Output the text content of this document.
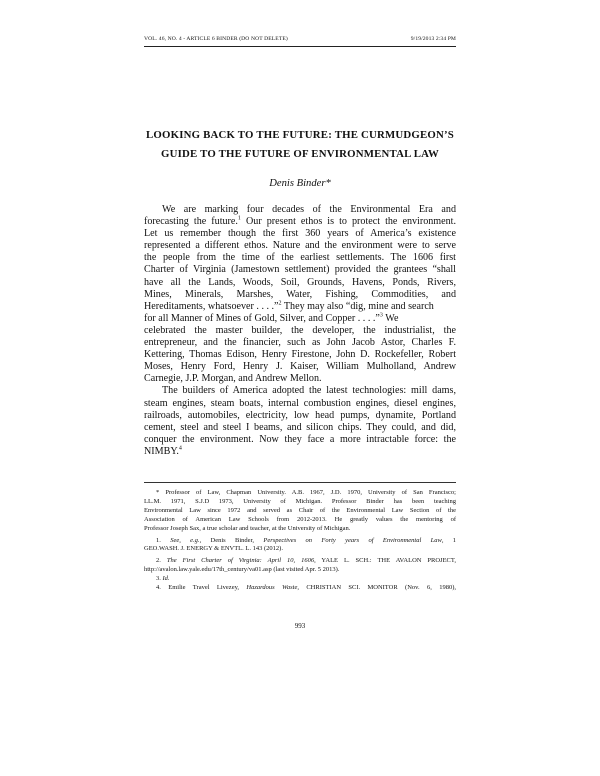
VOL. 46, NO. 4 - ARTICLE 6 BINDER (DO NOT DELETE)	9/19/2013 2:34 PM
LOOKING BACK TO THE FUTURE: THE CURMUDGEON’S
GUIDE TO THE FUTURE OF ENVIRONMENTAL LAW
Denis Binder*
We are marking four decades of the Environmental Era and
forecasting the future.$^1$ Our present ethos is to protect the environment.
Let us remember though the first 360 years of America’s existence
represented a different ethos. Nature and the environment were to serve
the people from the time of the earliest settlements. The 1606 first
Charter of Virginia (Jamestown settlement) provided the grantees “shall
have all the Lands, Woods, Soil, Grounds, Havens, Ponds, Rivers,
Mines, Minerals, Marshes, Water, Fishing, Commodities, and
Hereditaments, whatsoever . . . .”$^2$ They may also “dig, mine and search
for all Manner of Mines of Gold, Silver, and Copper . . . .”$^3$ We
celebrated the master builder, the developer, the industrialist, the
entrepreneur, and the financier, such as John Jacob Astor, Charles F.
Kettering, Thomas Edison, Henry Firestone, John D. Rockefeller, Robert
Moses, Henry Ford, Henry J. Kaiser, William Mulholland, Andrew
Carnegie, J.P. Morgan, and Andrew Mellon.
The builders of America adopted the latest technologies: mill dams,
steam engines, steam boats, internal combustion engines, diesel engines,
railroads, automobiles, electricity, low head pumps, dynamite, Portland
cement, steel and steel I beams, and silicon chips. They could, and did,
conquer the environment. Now they face a more intractable force: the
NIMBY.$^4$
* Professor of Law, Chapman University. A.B. 1967, J.D. 1970, University of San Francisco;
LL.M. 1971, S.J.D 1973, University of Michigan. Professor Binder has been teaching
Environmental Law since 1972 and served as Chair of the Environmental Law Section of the
Association of American Law Schools from 2012-2013. He greatly values the mentoring of
Professor Joseph Sax, a true scholar and teacher, at the University of Michigan.
1. See, e.g., Denis Binder, Perspectives on Forty years of Environmental Law, 1
GEO.WASH. J. ENERGY & ENVTL. L. 143 (2012).
2. The First Charter of Virginia: April 10, 1606, YALE L. SCH.: THE AVALON PROJECT,
http://avalon.law.yale.edu/17th_century/va01.asp (last visited Apr. 5 2013).
3. Id.
4. Emilie Travel Livezey, Hazardous Waste, CHRISTIAN SCI. MONITOR (Nov. 6, 1980),
993
